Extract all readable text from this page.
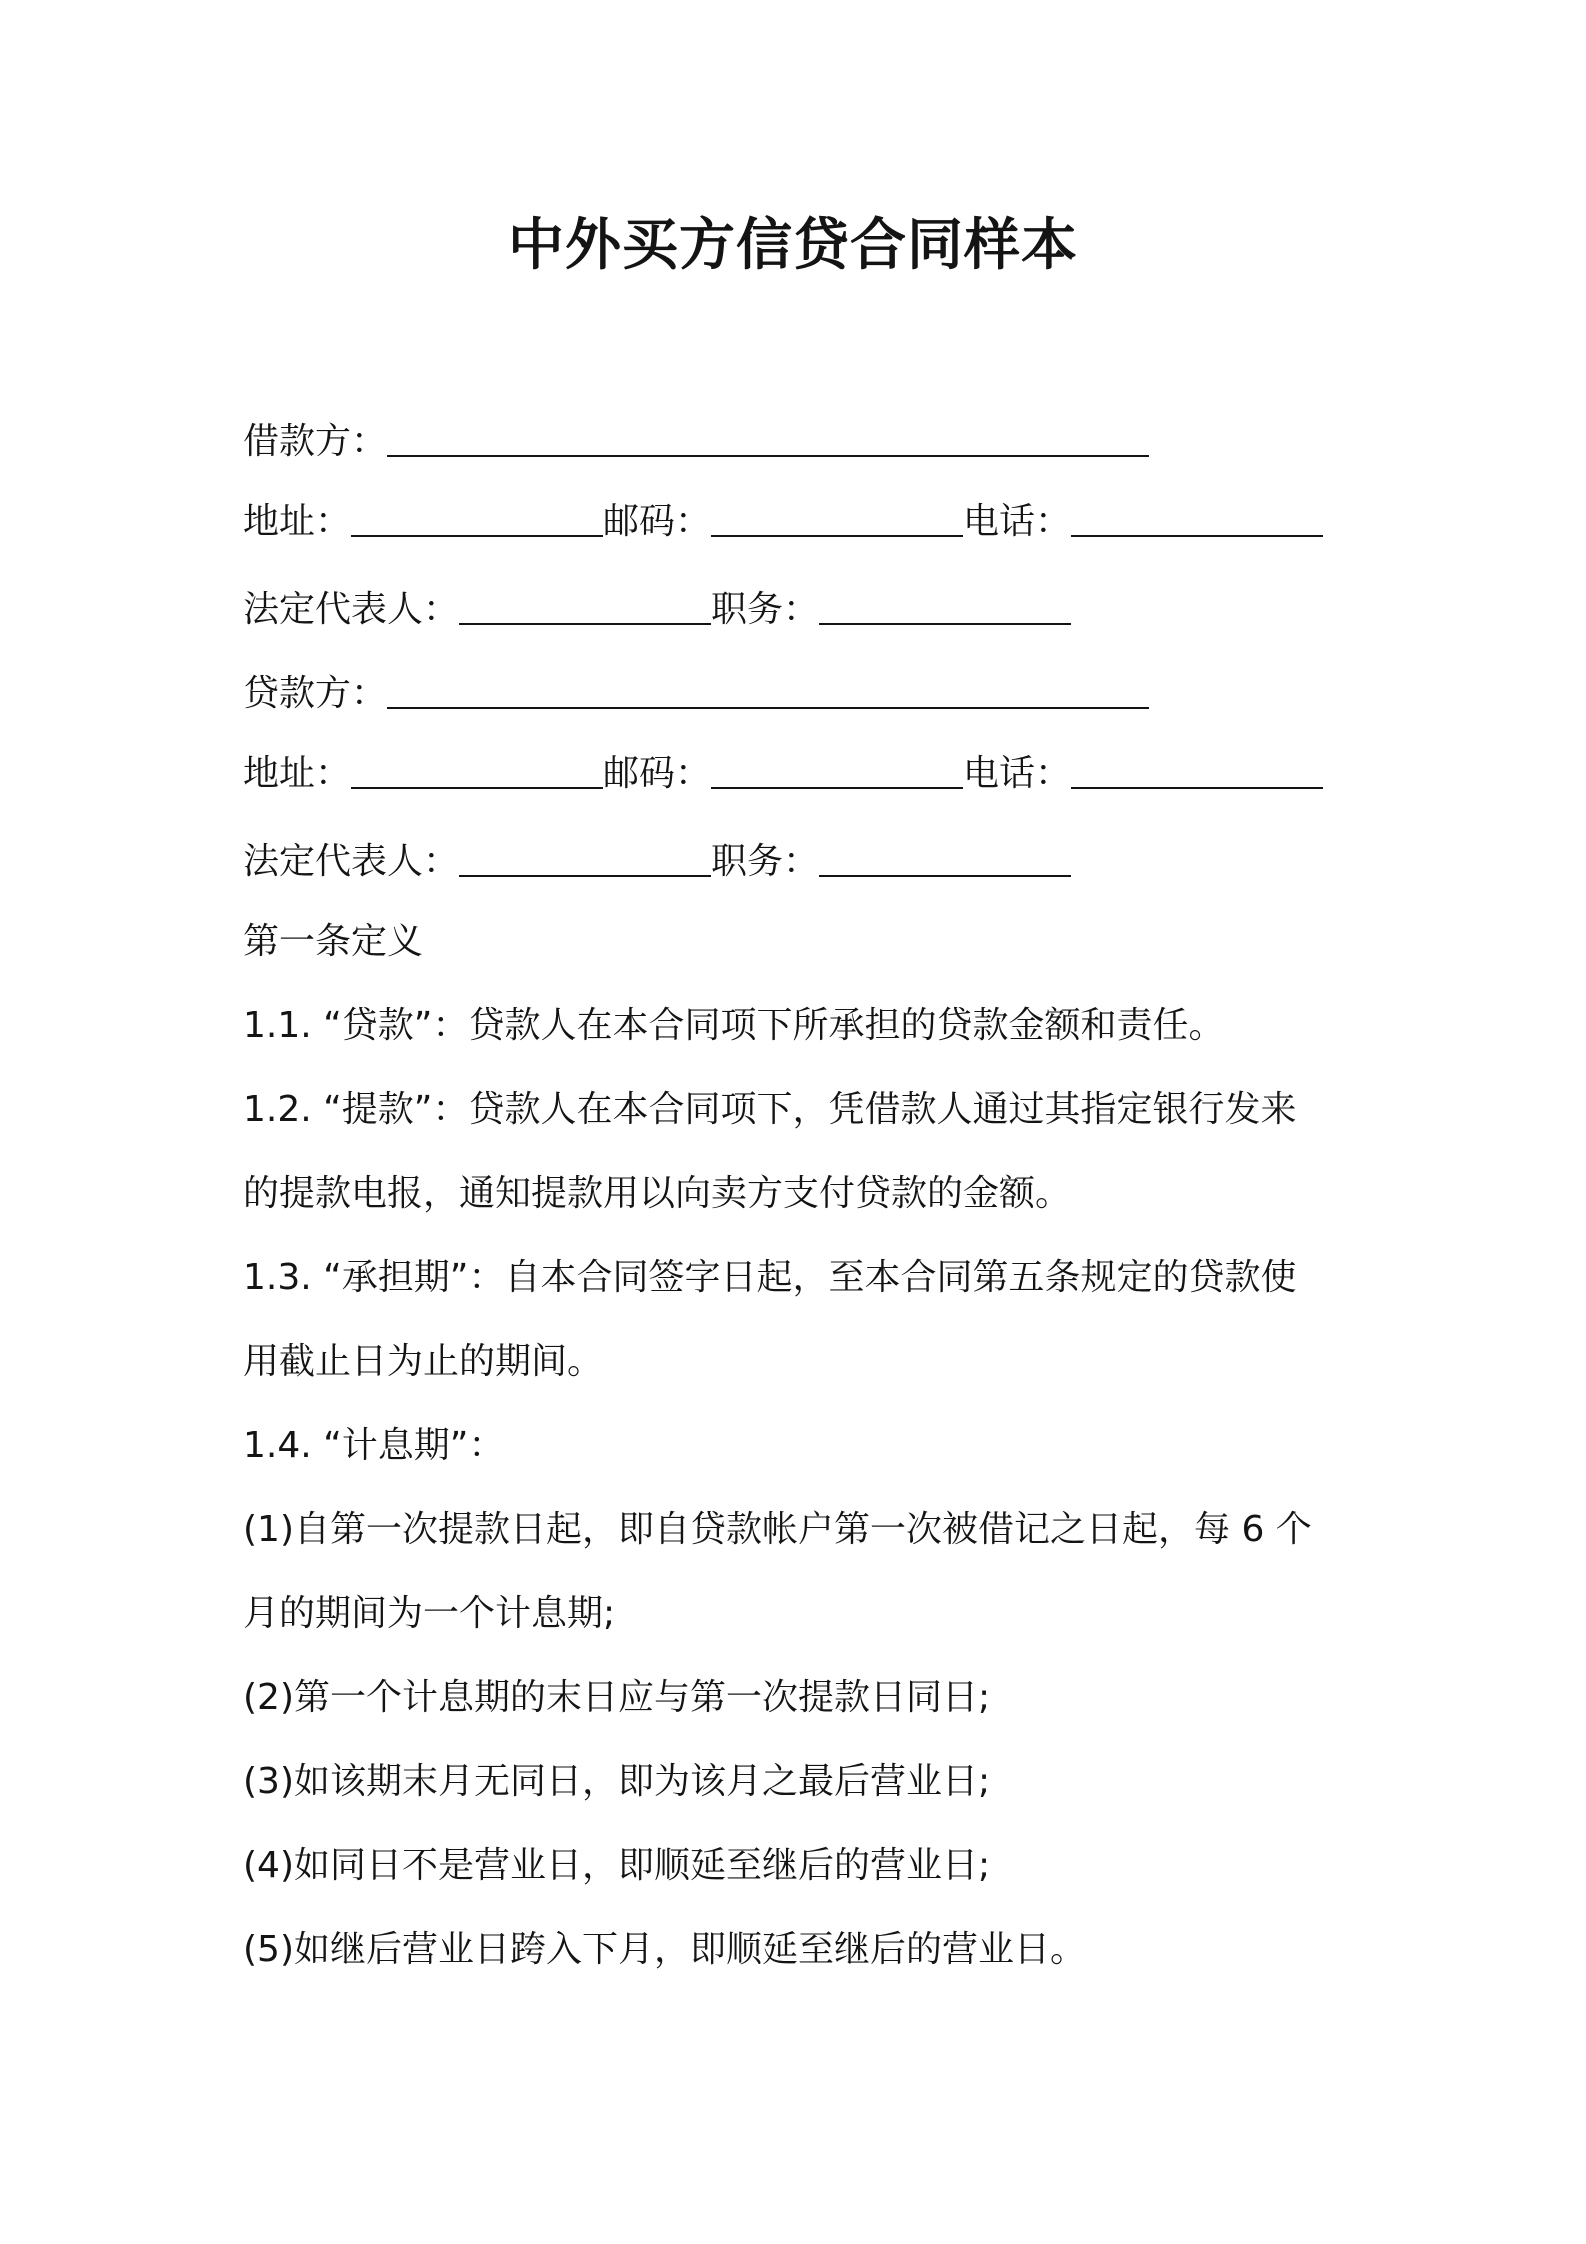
中外买方信贷合同样本
借款方：
地址：	邮码：	电话：
法定代表人：	职务：
贷款方：
地址：	邮码：	电话：
法定代表人：	职务：

第一条定义

1.1. “贷款”：贷款人在本合同项下所承担的贷款金额和责任。

1.2. “提款”：贷款人在本合同项下，凭借款人通过其指定银行发来

的提款电报，通知提款用以向卖方支付贷款的金额。

1.3. “承担期”：自本合同签字日起，至本合同第五条规定的贷款使

用截止日为止的期间。

1.4. “计息期”：

(1)自第一次提款日起，即自贷款帐户第一次被借记之日起，每 6 个

月的期间为一个计息期;

(2)第一个计息期的末日应与第一次提款日同日;

(3)如该期末月无同日，即为该月之最后营业日;

(4)如同日不是营业日，即顺延至继后的营业日;

(5)如继后营业日跨入下月，即顺延至继后的营业日。
